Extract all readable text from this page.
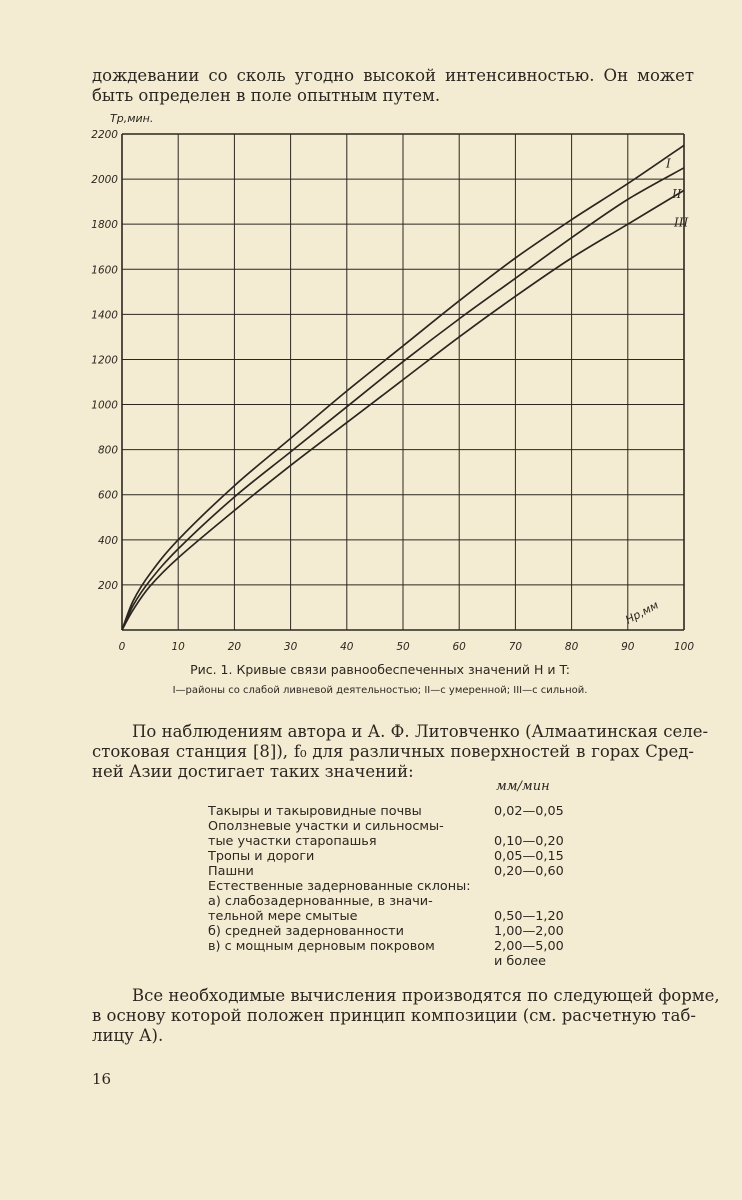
дождевании со сколь угодно высокой интенсивностью. Он может
быть определен в поле опытным путем.

0	10	20	30	40	50	60	70	80	90	100
200
400
600
800
1000
1200
1400
1600
1800
2000
2200
I
II
III
Tp,мин.
Hp,мм
Рис. 1. Кривые связи равнообеспеченных значений H и T:
I—районы со слабой ливневой деятельностью; II—с умеренной; III—с сильной.

По наблюдениям автора и А. Ф. Литовченко (Алмаатинская селе-
стоковая станция [8]), f₀ для различных поверхностей в горах Сред-
ней Азии достигает таких значений:

мм/мин
Такыры и такыровидные почвы	0,02—0,05
Оползневые участки и сильносмы-	
тые участки старопашья	0,10—0,20
Тропы и дороги	0,05—0,15
Пашни	0,20—0,60
Естественные задернованные склоны:	
а) слабозадернованные, в значи-	
тельной мере смытые	0,50—1,20
б) средней задернованности	1,00—2,00
в) с мощным дерновым покровом	2,00—5,00
	и более

Все необходимые вычисления производятся по следующей форме,
в основу которой положен принцип композиции (см. расчетную таб-
лицу А).

16
